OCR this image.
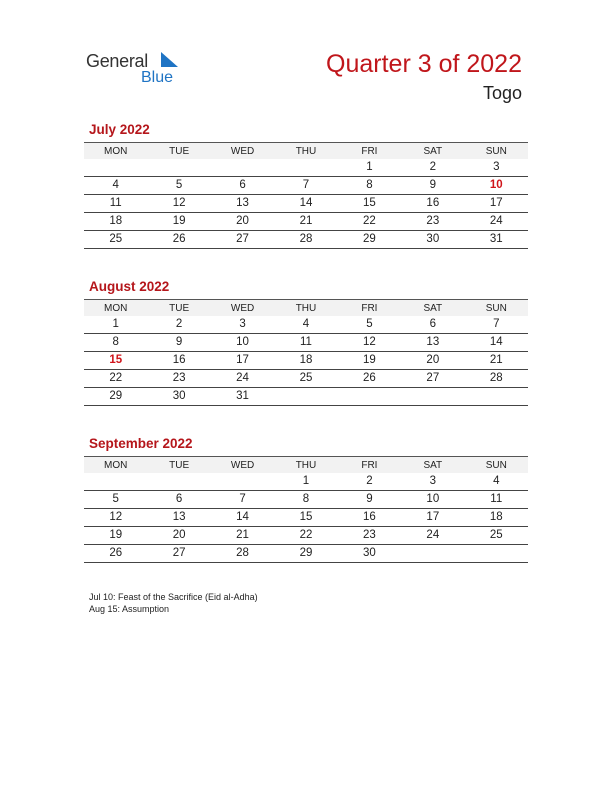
General
Blue	Quarter 3 of 2022
Togo
July 2022
MON	TUE	WED	THU	FRI	SAT	SUN
				1	2	3
4	5	6	7	8	9	10
11	12	13	14	15	16	17
18	19	20	21	22	23	24
25	26	27	28	29	30	31
August 2022
MON	TUE	WED	THU	FRI	SAT	SUN
1	2	3	4	5	6	7
8	9	10	11	12	13	14
15	16	17	18	19	20	21
22	23	24	25	26	27	28
29	30	31				
September 2022
MON	TUE	WED	THU	FRI	SAT	SUN
			1	2	3	4
5	6	7	8	9	10	11
12	13	14	15	16	17	18
19	20	21	22	23	24	25
26	27	28	29	30		
Jul 10: Feast of the Sacrifice (Eid al-Adha)
Aug 15: Assumption
